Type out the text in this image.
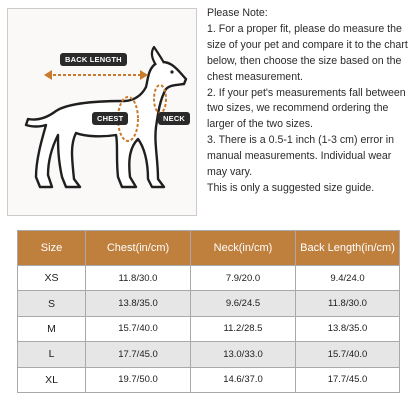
BACK LENGTH
CHEST	NECK

Please Note:

1. For a proper fit, please do measure the size of your pet and compare it to the chart below, then choose the size based on the chest measurement.

2. If your pet's measurements fall between two sizes, we recommend ordering the larger of the two sizes.

3. There is a 0.5-1 inch (1-3 cm) error in manual measurements. Individual wear may vary.

This is only a suggested size guide.

Size	Chest(in/cm)	Neck(in/cm)	Back Length(in/cm)
XS	11.8/30.0	7.9/20.0	9.4/24.0
S	13.8/35.0	9.6/24.5	11.8/30.0
M	15.7/40.0	11.2/28.5	13.8/35.0
L	17.7/45.0	13.0/33.0	15.7/40.0
XL	19.7/50.0	14.6/37.0	17.7/45.0
